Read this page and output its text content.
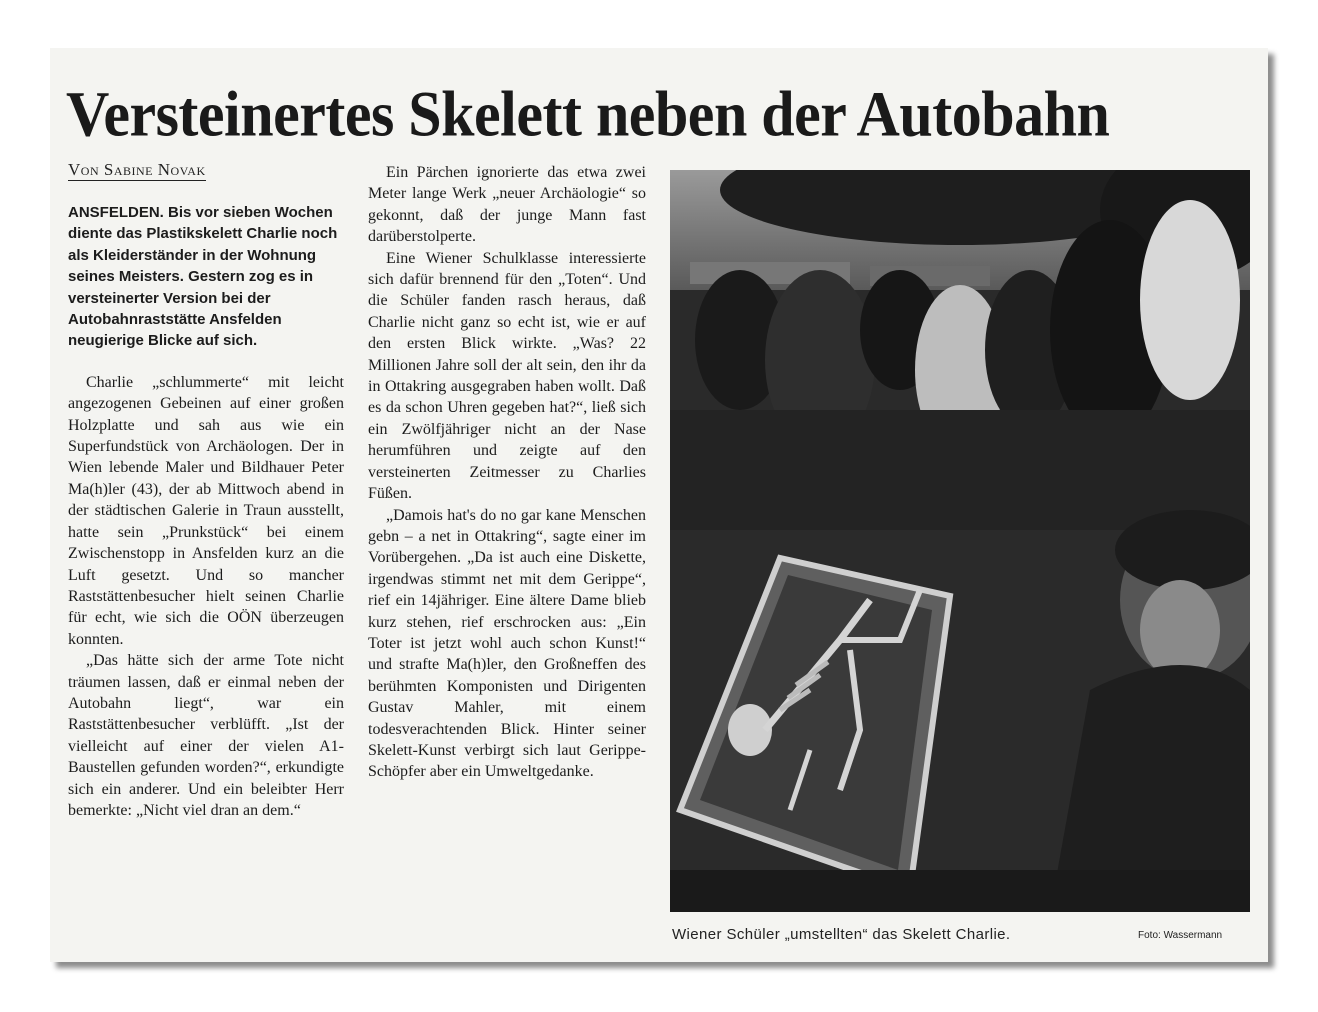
Versteinertes Skelett neben der Autobahn
Von Sabine Novak

ANSFELDEN. Bis vor sieben Wochen diente das Plastikskelett Charlie noch als Kleiderständer in der Wohnung seines Meisters. Gestern zog es in versteinerter Version bei der Autobahnraststätte Ansfelden neugierige Blicke auf sich.

Charlie „schlummerte“ mit leicht angezogenen Gebeinen auf einer großen Holzplatte und sah aus wie ein Superfundstück von Archäologen. Der in Wien lebende Maler und Bildhauer Peter Ma(h)ler (43), der ab Mittwoch abend in der städtischen Galerie in Traun ausstellt, hatte sein „Prunkstück“ bei einem Zwischenstopp in Ansfelden kurz an die Luft gesetzt. Und so mancher Raststättenbesucher hielt seinen Charlie für echt, wie sich die OÖN überzeugen konnten.

„Das hätte sich der arme Tote nicht träumen lassen, daß er einmal neben der Autobahn liegt“, war ein Raststättenbesucher verblüfft. „Ist der vielleicht auf einer der vielen A1-Baustellen gefunden worden?“, erkundigte sich ein anderer. Und ein beleibter Herr bemerkte: „Nicht viel dran an dem.“

Ein Pärchen ignorierte das etwa zwei Meter lange Werk „neuer Archäologie“ so gekonnt, daß der junge Mann fast darüberstolperte.

Eine Wiener Schulklasse interessierte sich dafür brennend für den „Toten“. Und die Schüler fanden rasch heraus, daß Charlie nicht ganz so echt ist, wie er auf den ersten Blick wirkte. „Was? 22 Millionen Jahre soll der alt sein, den ihr da in Ottakring ausgegraben haben wollt. Daß es da schon Uhren gegeben hat?“, ließ sich ein Zwölfjähriger nicht an der Nase herumführen und zeigte auf den versteinerten Zeitmesser zu Charlies Füßen.

„Damois hat's do no gar kane Menschen gebn – a net in Ottakring“, sagte einer im Vorübergehen. „Da ist auch eine Diskette, irgendwas stimmt net mit dem Gerippe“, rief ein 14jähriger. Eine ältere Dame blieb kurz stehen, rief erschrocken aus: „Ein Toter ist jetzt wohl auch schon Kunst!“ und strafte Ma(h)ler, den Großneffen des berühmten Komponisten und Dirigenten Gustav Mahler, mit einem todesverachtenden Blick. Hinter seiner Skelett-Kunst verbirgt sich laut Gerippe-Schöpfer aber ein Umweltgedanke.

Wiener Schüler „umstellten“ das Skelett Charlie.	Foto: Wassermann
